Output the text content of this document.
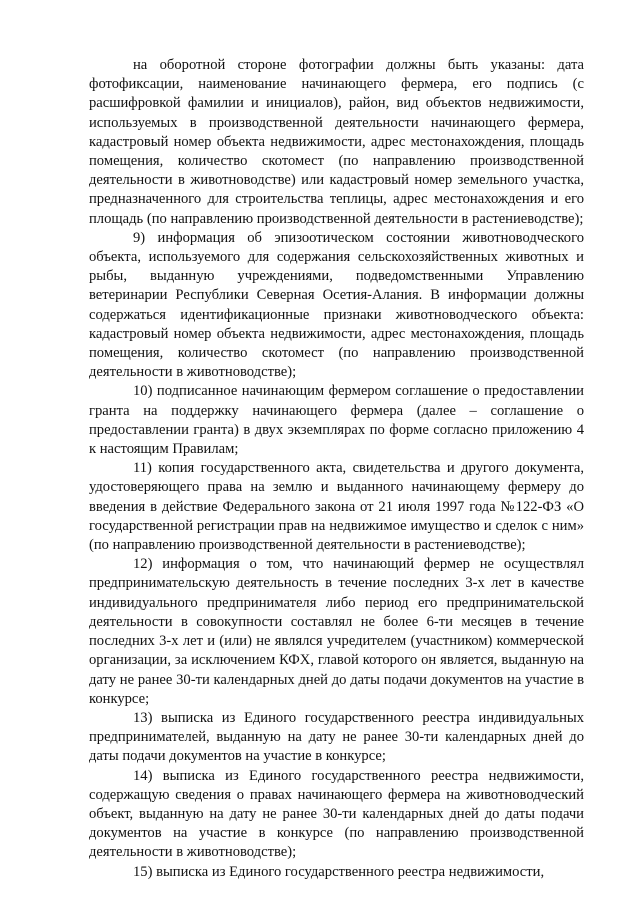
на оборотной стороне фотографии должны быть указаны: дата фотофиксации, наименование начинающего фермера, его подпись (с расшифровкой фамилии и инициалов), район, вид объектов недвижимости, используемых в производственной деятельности начинающего фермера, кадастровый номер объекта недвижимости, адрес местонахождения, площадь помещения, количество скотомест (по направлению производственной деятельности в животноводстве) или кадастровый номер земельного участка, предназначенного для строительства теплицы, адрес местонахождения и его площадь (по направлению производственной деятельности в растениеводстве);

9) информация об эпизоотическом состоянии животноводческого объекта, используемого для содержания сельскохозяйственных животных и рыбы, выданную учреждениями, подведомственными Управлению ветеринарии Республики Северная Осетия-Алания. В информации должны содержаться идентификационные признаки животноводческого объекта: кадастровый номер объекта недвижимости, адрес местонахождения, площадь помещения, количество скотомест (по направлению производственной деятельности в животноводстве);

10) подписанное начинающим фермером соглашение о предоставлении гранта на поддержку начинающего фермера (далее – соглашение о предоставлении гранта) в двух экземплярах по форме согласно приложению 4 к настоящим Правилам;

11) копия государственного акта, свидетельства и другого документа, удостоверяющего права на землю и выданного начинающему фермеру до введения в действие Федерального закона от 21 июля 1997 года №122-ФЗ «О государственной регистрации прав на недвижимое имущество и сделок с ним» (по направлению производственной деятельности в растениеводстве);

12) информация о том, что начинающий фермер не осуществлял предпринимательскую деятельность в течение последних 3-х лет в качестве индивидуального предпринимателя либо период его предпринимательской деятельности в совокупности составлял не более 6-ти месяцев в течение последних 3-х лет и (или) не являлся учредителем (участником) коммерческой организации, за исключением КФХ, главой которого он является, выданную на дату не ранее 30-ти календарных дней до даты подачи документов на участие в конкурсе;

13) выписка из Единого государственного реестра индивидуальных предпринимателей, выданную на дату не ранее 30-ти календарных дней до даты подачи документов на участие в конкурсе;

14) выписка из Единого государственного реестра недвижимости, содержащую сведения о правах начинающего фермера на животноводческий объект, выданную на дату не ранее 30-ти календарных дней до даты подачи документов на участие в конкурсе (по направлению производственной деятельности в животноводстве);

15) выписка из Единого государственного реестра недвижимости,
